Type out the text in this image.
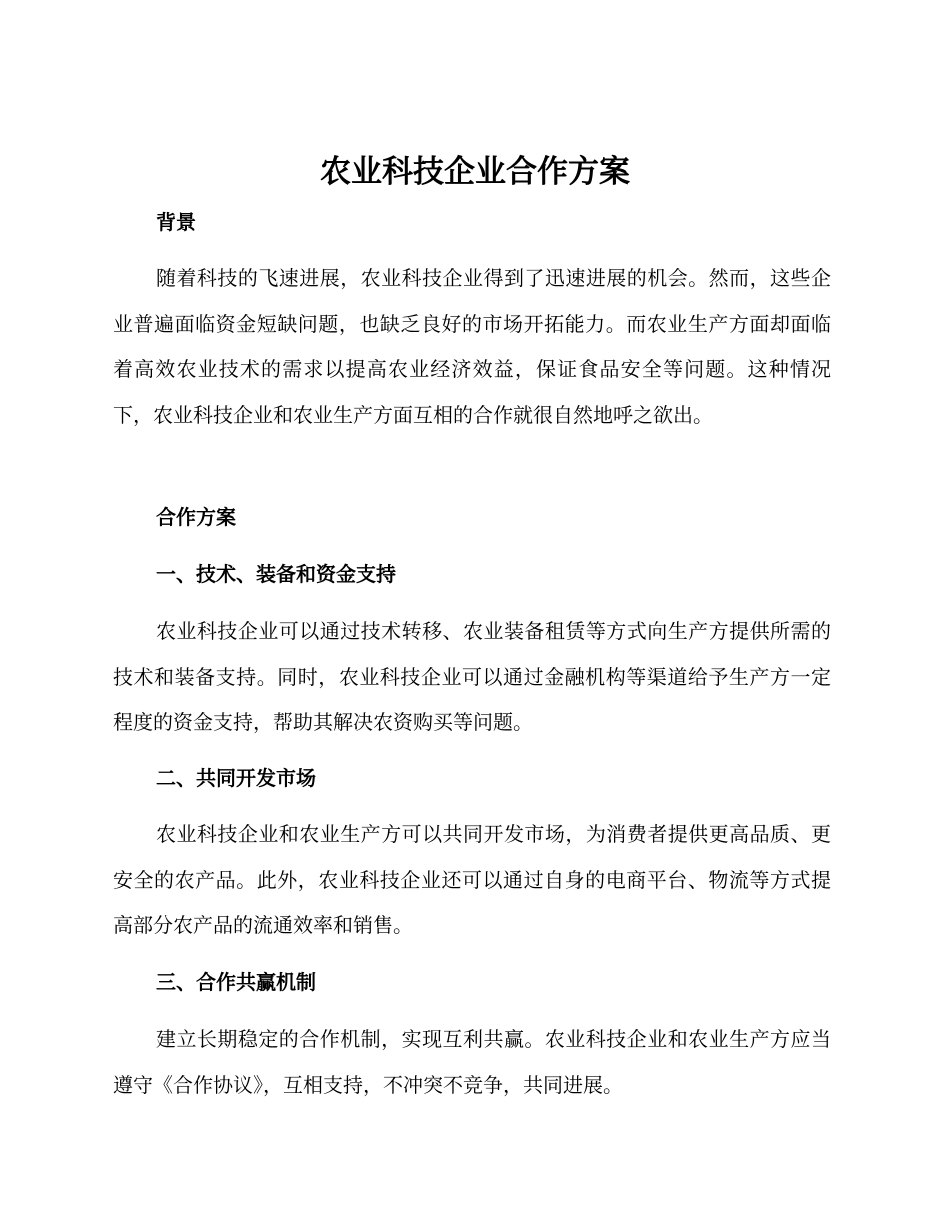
农业科技企业合作方案
背景

随着科技的飞速进展，农业科技企业得到了迅速进展的机会。然而，这些企业普遍面临资金短缺问题，也缺乏良好的市场开拓能力。而农业生产方面却面临着高效农业技术的需求以提高农业经济效益，保证食品安全等问题。这种情况下，农业科技企业和农业生产方面互相的合作就很自然地呼之欲出。

合作方案
一、技术、装备和资金支持

农业科技企业可以通过技术转移、农业装备租赁等方式向生产方提供所需的技术和装备支持。同时，农业科技企业可以通过金融机构等渠道给予生产方一定程度的资金支持，帮助其解决农资购买等问题。

二、共同开发市场

农业科技企业和农业生产方可以共同开发市场，为消费者提供更高品质、更安全的农产品。此外，农业科技企业还可以通过自身的电商平台、物流等方式提高部分农产品的流通效率和销售。

三、合作共赢机制

建立长期稳定的合作机制，实现互利共赢。农业科技企业和农业生产方应当遵守《合作协议》，互相支持，不冲突不竞争，共同进展。
